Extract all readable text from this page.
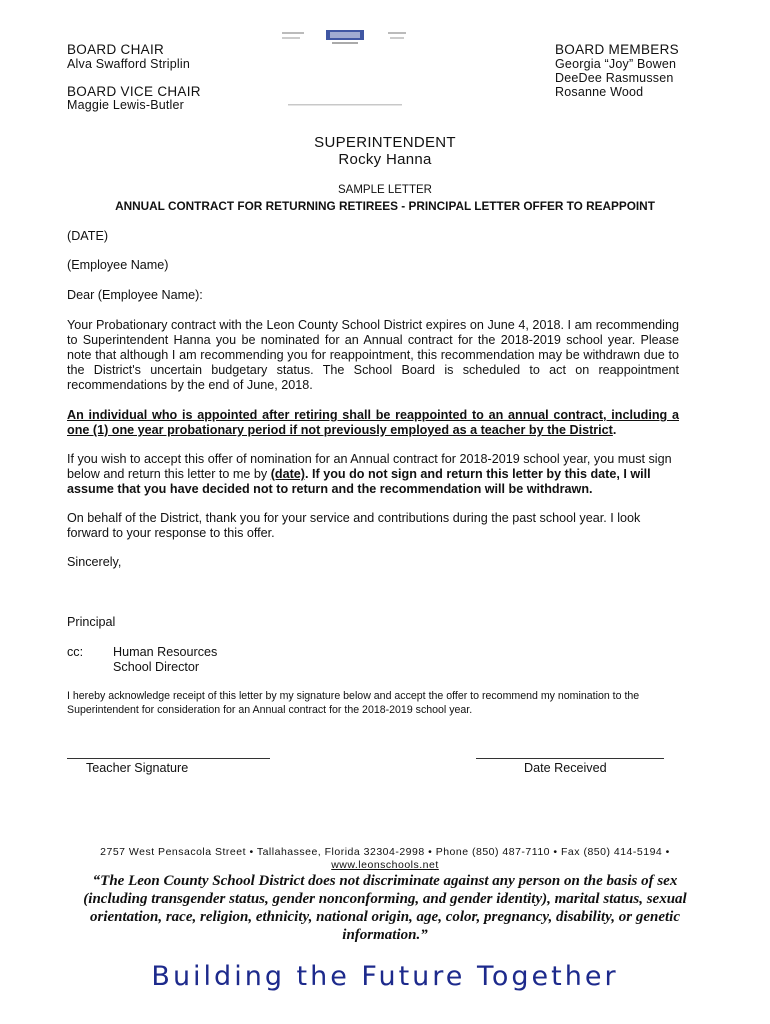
BOARD CHAIR
Alva Swafford Striplin
BOARD VICE CHAIR
Maggie Lewis-Butler
BOARD MEMBERS
Georgia “Joy” Bowen
DeeDee Rasmussen
Rosanne Wood
SUPERINTENDENT
Rocky Hanna
SAMPLE LETTER
ANNUAL CONTRACT FOR RETURNING RETIREES - PRINCIPAL LETTER OFFER TO REAPPOINT
(DATE)
(Employee Name)
Dear (Employee Name):
Your Probationary contract with the Leon County School District expires on June 4, 2018. I am recommending to Superintendent Hanna you be nominated for an Annual contract for the 2018-2019 school year. Please note that although I am recommending you for reappointment, this recommendation may be withdrawn due to the District's uncertain budgetary status. The School Board is scheduled to act on reappointment recommendations by the end of June, 2018.
An individual who is appointed after retiring shall be reappointed to an annual contract, including a one (1) one year probationary period if not previously employed as a teacher by the District.
If you wish to accept this offer of nomination for an Annual contract for 2018-2019 school year, you must sign below and return this letter to me by (date). If you do not sign and return this letter by this date, I will assume that you have decided not to return and the recommendation will be withdrawn.
On behalf of the District, thank you for your service and contributions during the past school year. I look forward to your response to this offer.
Sincerely,
Principal
cc: Human Resources
School Director
I hereby acknowledge receipt of this letter by my signature below and accept the offer to recommend my nomination to the Superintendent for consideration for an Annual contract for the 2018-2019 school year.
Teacher Signature	Date Received
2757 West Pensacola Street • Tallahassee, Florida 32304-2998 • Phone (850) 487-7110 • Fax (850) 414-5194 •
www.leonschools.net
“The Leon County School District does not discriminate against any person on the basis of sex (including transgender status, gender nonconforming, and gender identity), marital status, sexual orientation, race, religion, ethnicity, national origin, age, color, pregnancy, disability, or genetic information.”
Building the Future Together
